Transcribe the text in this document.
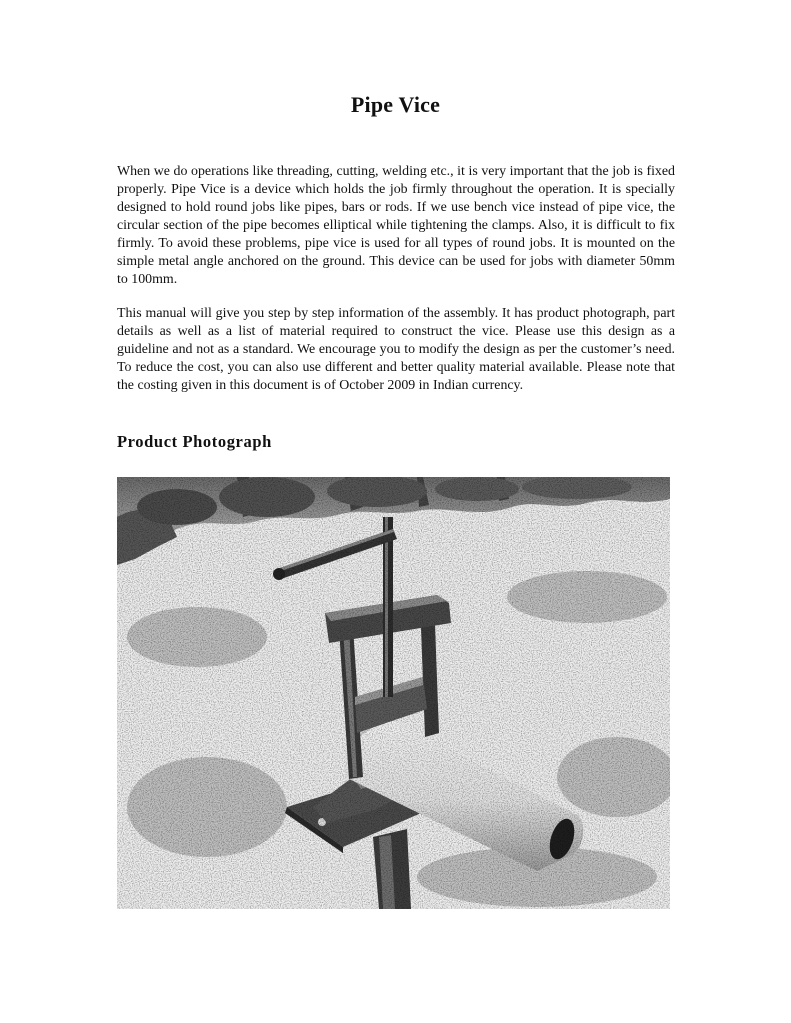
Pipe Vice

When we do operations like threading, cutting, welding etc., it is very important that the job is fixed properly. Pipe Vice is a device which holds the job firmly throughout the operation. It is specially designed to hold round jobs like pipes, bars or rods. If we use bench vice instead of pipe vice, the circular section of the pipe becomes elliptical while tightening the clamps. Also, it is difficult to fix firmly. To avoid these problems, pipe vice is used for all types of round jobs. It is mounted on the simple metal angle anchored on the ground. This device can be used for jobs with diameter 50mm to 100mm.

This manual will give you step by step information of the assembly. It has product photograph, part details as well as a list of material required to construct the vice. Please use this design as a guideline and not as a standard. We encourage you to modify the design as per the customer’s need. To reduce the cost, you can also use different and better quality material available. Please note that the costing given in this document is of October 2009 in Indian currency.

Product Photograph
